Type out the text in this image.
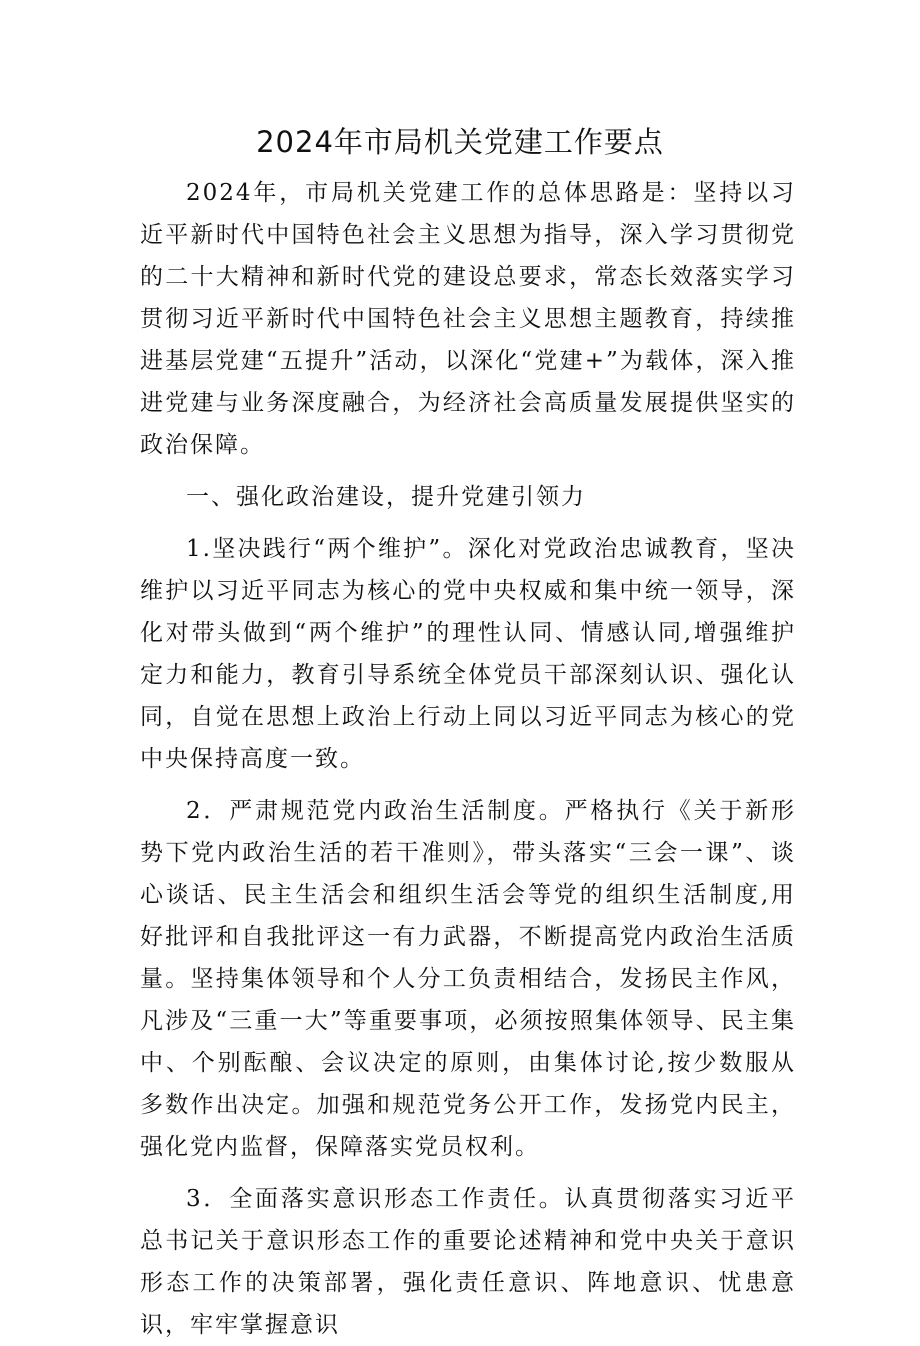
2024年市局机关党建工作要点

2024年，市局机关党建工作的总体思路是：坚持以习近平新时代中国特色社会主义思想为指导，深入学习贯彻党的二十大精神和新时代党的建设总要求，常态长效落实学习贯彻习近平新时代中国特色社会主义思想主题教育，持续推进基层党建“五提升”活动，以深化“党建+”为载体，深入推进党建与业务深度融合，为经济社会高质量发展提供坚实的政治保障。

一、强化政治建设，提升党建引领力

1.坚决践行“两个维护”。深化对党政治忠诚教育，坚决维护以习近平同志为核心的党中央权威和集中统一领导，深化对带头做到“两个维护”的理性认同、情感认同,增强维护定力和能力，教育引导系统全体党员干部深刻认识、强化认同，自觉在思想上政治上行动上同以习近平同志为核心的党中央保持高度一致。

2．严肃规范党内政治生活制度。严格执行《关于新形势下党内政治生活的若干准则》，带头落实“三会一课”、谈心谈话、民主生活会和组织生活会等党的组织生活制度,用好批评和自我批评这一有力武器，不断提高党内政治生活质量。坚持集体领导和个人分工负责相结合，发扬民主作风，凡涉及“三重一大”等重要事项，必须按照集体领导、民主集中、个别酝酿、会议决定的原则，由集体讨论,按少数服从多数作出决定。加强和规范党务公开工作，发扬党内民主，强化党内监督，保障落实党员权利。

3．全面落实意识形态工作责任。认真贯彻落实习近平总书记关于意识形态工作的重要论述精神和党中央关于意识形态工作的决策部署，强化责任意识、阵地意识、忧患意识，牢牢掌握意识
